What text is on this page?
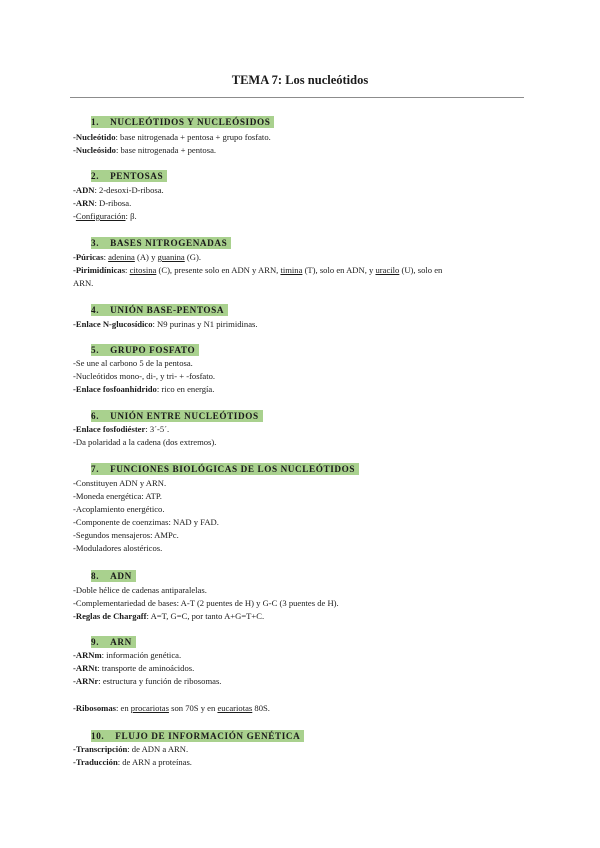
TEMA 7: Los nucleótidos
1. NUCLEÓTIDOS Y NUCLEÓSIDOS
-Nucleótido: base nitrogenada + pentosa + grupo fosfato.
-Nucleósido: base nitrogenada + pentosa.
2. PENTOSAS
-ADN: 2-desoxi-D-ribosa.
-ARN: D-ribosa.
-Configuración: β.
3. BASES NITROGENADAS
-Púricas: adenina (A) y guanina (G).
-Pirimidínicas: citosina (C), presente solo en ADN y ARN, timina (T), solo en ADN, y uracilo (U), solo en
ARN.
4. UNIÓN BASE-PENTOSA
-Enlace N-glucosídico: N9 purinas y N1 pirimidinas.
5. GRUPO FOSFATO
-Se une al carbono 5 de la pentosa.
-Nucleótidos mono-, di-, y tri- + -fosfato.
-Enlace fosfoanhídrido: rico en energía.
6. UNIÓN ENTRE NUCLEÓTIDOS
-Enlace fosfodiéster: 3´-5´.
-Da polaridad a la cadena (dos extremos).
7. FUNCIONES BIOLÓGICAS DE LOS NUCLEÓTIDOS
-Constituyen ADN y ARN.
-Moneda energética: ATP.
-Acoplamiento energético.
-Componente de coenzimas: NAD y FAD.
-Segundos mensajeros: AMPc.
-Moduladores alostéricos.
8. ADN
-Doble hélice de cadenas antiparalelas.
-Complementariedad de bases: A-T (2 puentes de H) y G-C (3 puentes de H).
-Reglas de Chargaff: A=T, G=C, por tanto A+G=T+C.
9. ARN
-ARNm: información genética.
-ARNt: transporte de aminoácidos.
-ARNr: estructura y función de ribosomas.
-Ribosomas: en procariotas son 70S y en eucariotas 80S.
10. FLUJO DE INFORMACIÓN GENÉTICA
-Transcripción: de ADN a ARN.
-Traducción: de ARN a proteínas.
